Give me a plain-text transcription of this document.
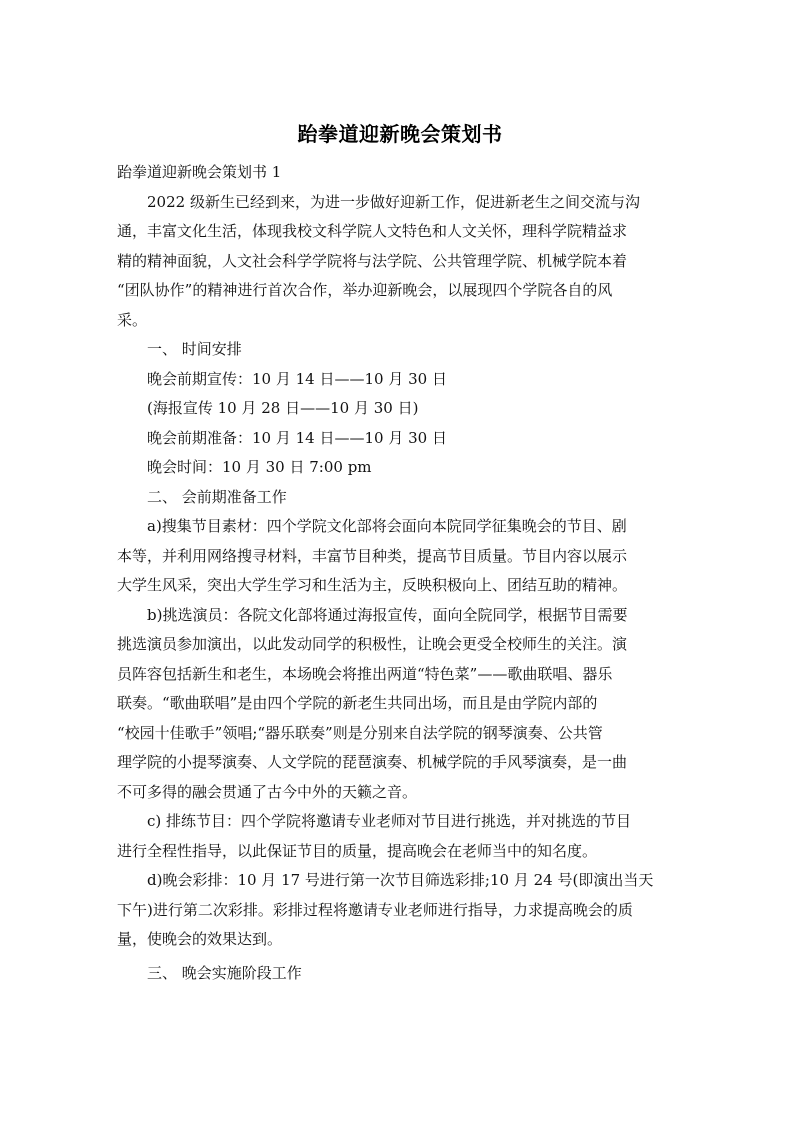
跆拳道迎新晚会策划书
跆拳道迎新晚会策划书 1
2022 级新生已经到来，为进一步做好迎新工作，促进新老生之间交流与沟
通，丰富文化生活，体现我校文科学院人文特色和人文关怀，理科学院精益求
精的精神面貌，人文社会科学学院将与法学院、公共管理学院、机械学院本着
“团队协作”的精神进行首次合作，举办迎新晚会，以展现四个学院各自的风
采。
一、 时间安排
晚会前期宣传：10 月 14 日——10 月 30 日
(海报宣传 10 月 28 日——10 月 30 日)
晚会前期准备：10 月 14 日——10 月 30 日
晚会时间：10 月 30 日 7:00 pm
二、 会前期准备工作
a)搜集节目素材：四个学院文化部将会面向本院同学征集晚会的节目、剧
本等，并利用网络搜寻材料，丰富节目种类，提高节目质量。节目内容以展示
大学生风采，突出大学生学习和生活为主，反映积极向上、团结互助的精神。
b)挑选演员：各院文化部将通过海报宣传，面向全院同学，根据节目需要
挑选演员参加演出，以此发动同学的积极性，让晚会更受全校师生的关注。演
员阵容包括新生和老生，本场晚会将推出两道“特色菜”——歌曲联唱、器乐
联奏。“歌曲联唱”是由四个学院的新老生共同出场，而且是由学院内部的
“校园十佳歌手”领唱;“器乐联奏”则是分别来自法学院的钢琴演奏、公共管
理学院的小提琴演奏、人文学院的琵琶演奏、机械学院的手风琴演奏，是一曲
不可多得的融会贯通了古今中外的天籁之音。
c) 排练节目：四个学院将邀请专业老师对节目进行挑选，并对挑选的节目
进行全程性指导，以此保证节目的质量，提高晚会在老师当中的知名度。
d)晚会彩排：10 月 17 号进行第一次节目筛选彩排;10 月 24 号(即演出当天
下午)进行第二次彩排。彩排过程将邀请专业老师进行指导，力求提高晚会的质
量，使晚会的效果达到。
三、 晚会实施阶段工作
